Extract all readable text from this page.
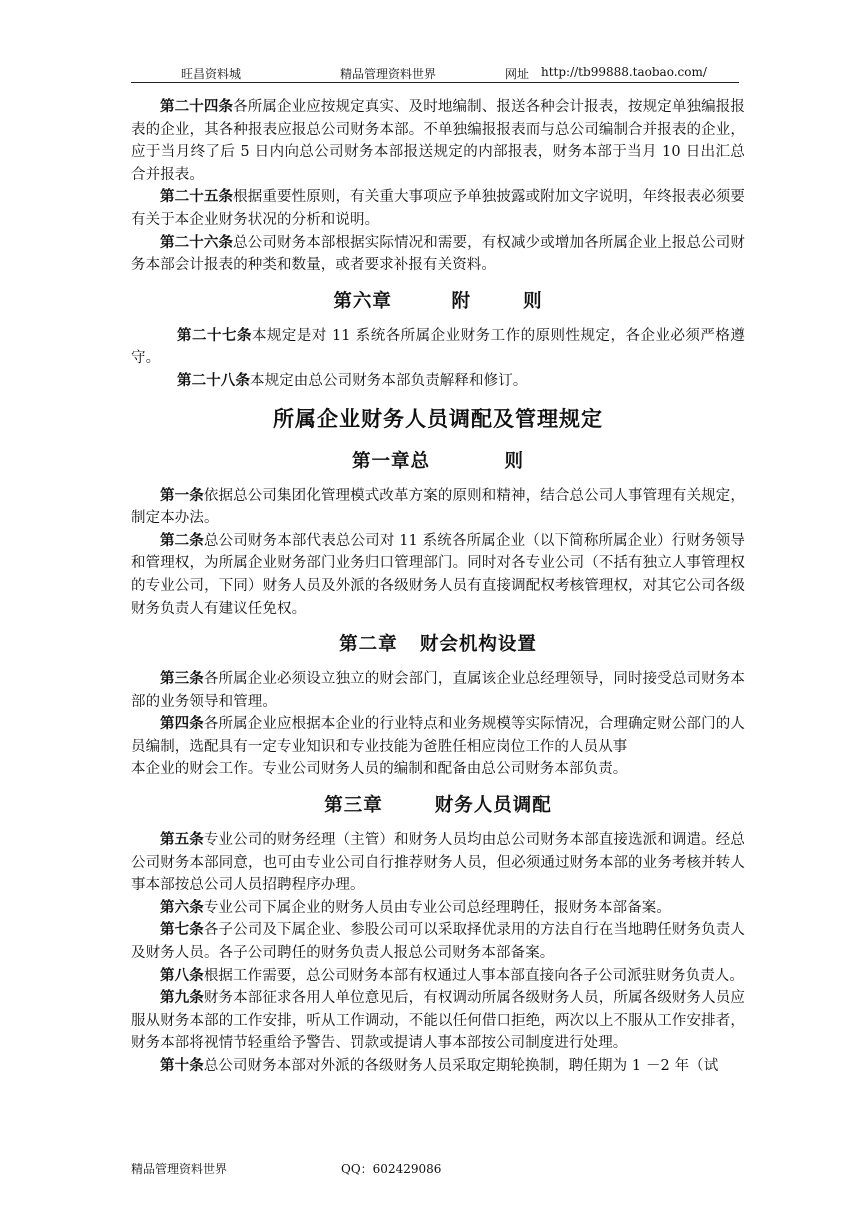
旺昌资料城	精品管理资料世界	网址 http://tb99888.taobao.com/

第二十四条各所属企业应按规定真实、及时地编制、报送各种会计报表，按规定单独编报报表的企业，其各种报表应报总公司财务本部。不单独编报报表而与总公司编制合并报表的企业，应于当月终了后 5 日内向总公司财务本部报送规定的内部报表，财务本部于当月 10 日出汇总合并报表。

第二十五条根据重要性原则，有关重大事项应予单独披露或附加文字说明，年终报表必须要有关于本企业财务状况的分析和说明。

第二十六条总公司财务本部根据实际情况和需要，有权减少或增加各所属企业上报总公司财务本部会计报表的种类和数量，或者要求补报有关资料。

第六章	附	则

第二十七条本规定是对 11 系统各所属企业财务工作的原则性规定，各企业必须严格遵守。

第二十八条本规定由总公司财务本部负责解释和修订。

所属企业财务人员调配及管理规定
第一章总	则

第一条依据总公司集团化管理模式改革方案的原则和精神，结合总公司人事管理有关规定，制定本办法。

第二条总公司财务本部代表总公司对 11 系统各所属企业（以下简称所属企业）行财务领导和管理权，为所属企业财务部门业务归口管理部门。同时对各专业公司（不括有独立人事管理权的专业公司，下同）财务人员及外派的各级财务人员有直接调配权考核管理权，对其它公司各级财务负责人有建议任免权。

第二章 财会机构设置

第三条各所属企业必须设立独立的财会部门，直属该企业总经理领导，同时接受总司财务本部的业务领导和管理。

第四条各所属企业应根据本企业的行业特点和业务规模等实际情况，合理确定财公部门的人员编制，选配具有一定专业知识和专业技能为爸胜任相应岗位工作的人员从事

本企业的财会工作。专业公司财务人员的编制和配备由总公司财务本部负责。

第三章	财务人员调配

第五条专业公司的财务经理（主管）和财务人员均由总公司财务本部直接选派和调遣。经总公司财务本部同意，也可由专业公司自行推荐财务人员，但必须通过财务本部的业务考核并转人事本部按总公司人员招聘程序办理。

第六条专业公司下属企业的财务人员由专业公司总经理聘任，报财务本部备案。

第七条各子公司及下属企业、参股公司可以采取择优录用的方法自行在当地聘任财务负责人及财务人员。各子公司聘任的财务负责人报总公司财务本部备案。

第八条根据工作需要，总公司财务本部有权通过人事本部直接向各子公司派驻财务负责人。

第九条财务本部征求各用人单位意见后，有权调动所属各级财务人员，所属各级财务人员应服从财务本部的工作安排，听从工作调动，不能以任何借口拒绝，两次以上不服从工作安排者，财务本部将视情节轻重给予警告、罚款或提请人事本部按公司制度进行处理。

第十条总公司财务本部对外派的各级财务人员采取定期轮换制，聘任期为 1 －2 年（试

精品管理资料世界	QQ：602429086
